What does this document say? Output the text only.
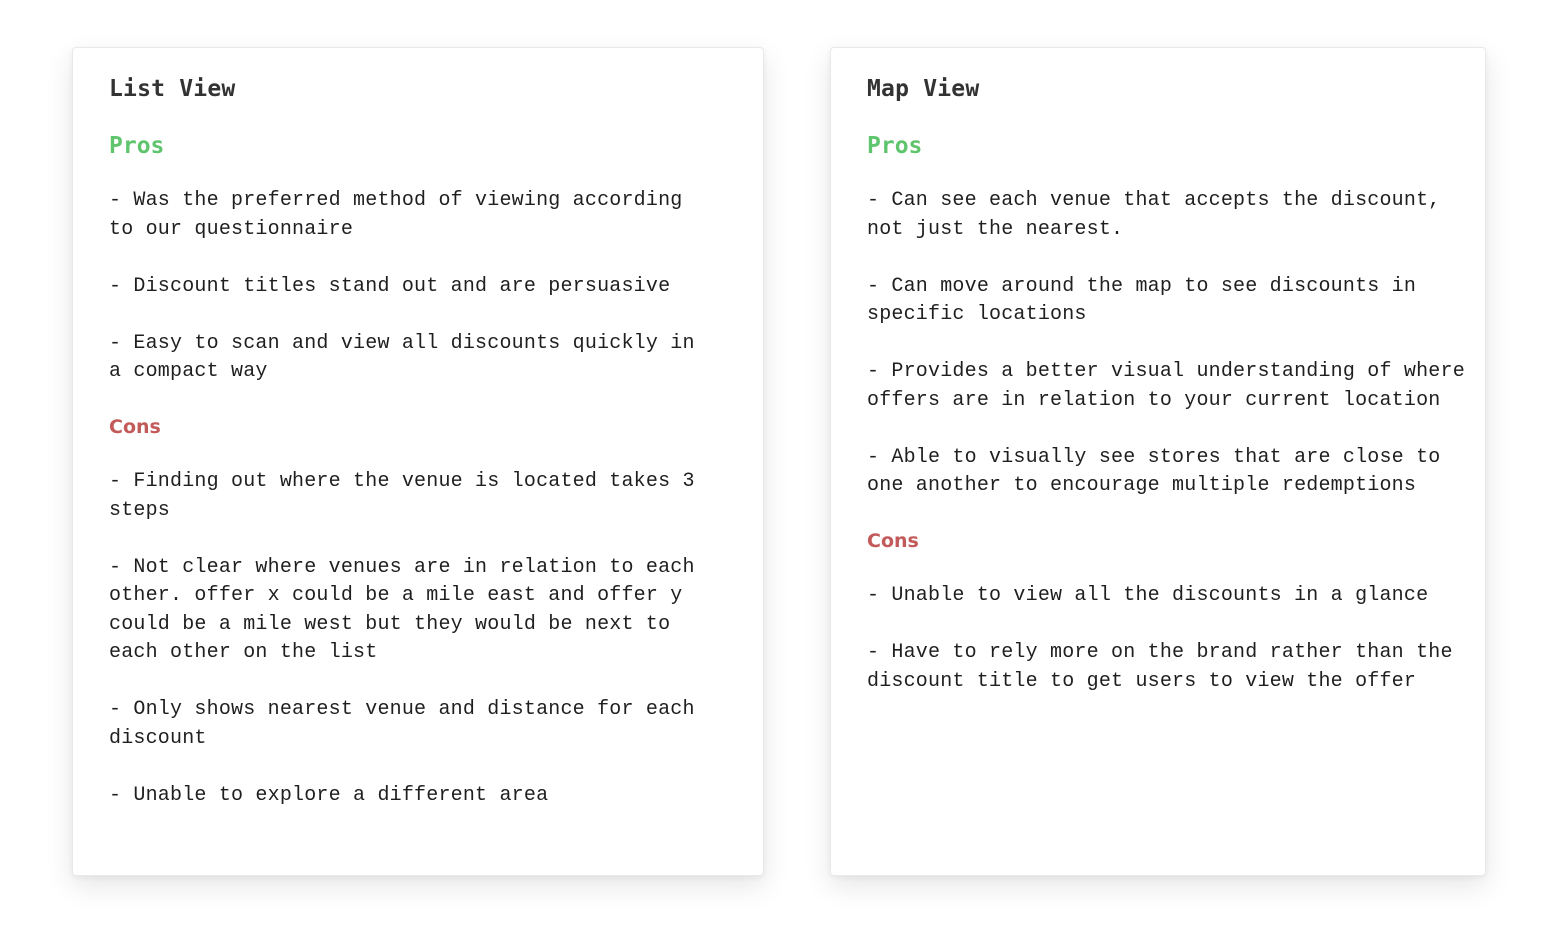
List View
Pros
- Was the preferred method of viewing according to our questionnaire
- Discount titles stand out and are persuasive
- Easy to scan and view all discounts quickly in a compact way
Cons
- Finding out where the venue is located takes 3 steps
- Not clear where venues are in relation to each other. offer x could be a mile east and offer y could be a mile west but they would be next to each other on the list
- Only shows nearest venue and distance for each discount
- Unable to explore a different area
Map View
Pros
- Can see each venue that accepts the discount, not just the nearest.
- Can move around the map to see discounts in specific locations
- Provides a better visual understanding of where offers are in relation to your current location
- Able to visually see stores that are close to one another to encourage multiple redemptions
Cons
- Unable to view all the discounts in a glance
- Have to rely more on the brand rather than the discount title to get users to view the offer
